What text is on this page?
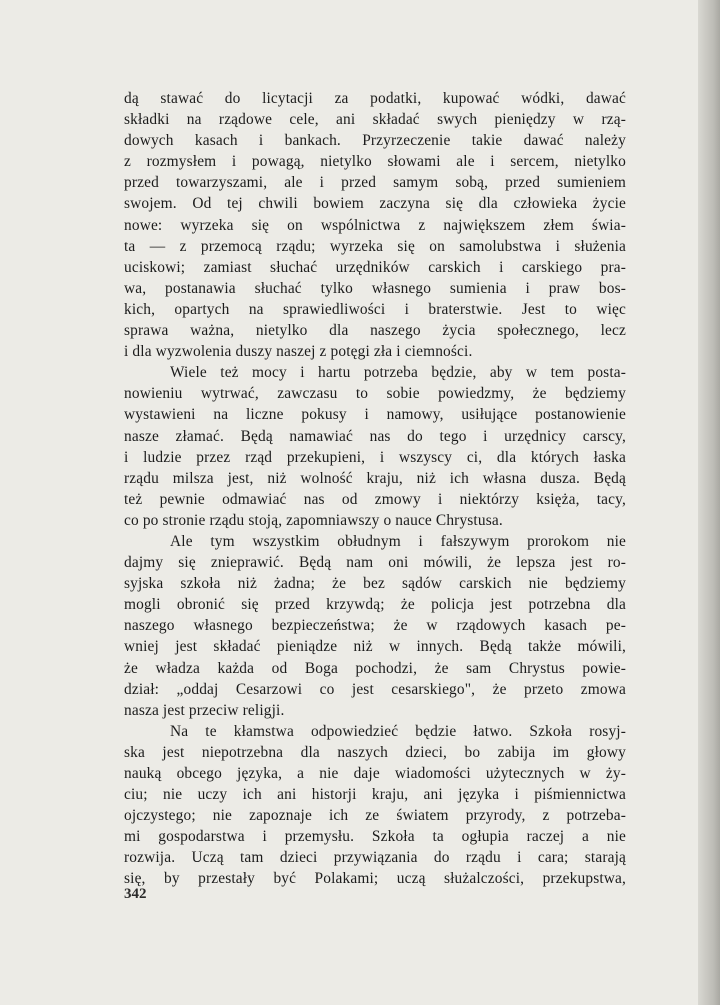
dą stawać do licytacji za podatki, kupować wódki, dawać
składki na rządowe cele, ani składać swych pieniędzy w rzą-
dowych kasach i bankach. Przyrzeczenie takie dawać należy
z rozmysłem i powagą, nietylko słowami ale i sercem, nietylko
przed towarzyszami, ale i przed samym sobą, przed sumieniem
swojem. Od tej chwili bowiem zaczyna się dla człowieka życie
nowe: wyrzeka się on wspólnictwa z największem złem świa-
ta — z przemocą rządu; wyrzeka się on samolubstwa i służenia
uciskowi; zamiast słuchać urzędników carskich i carskiego pra-
wa, postanawia słuchać tylko własnego sumienia i praw bos-
kich, opartych na sprawiedliwości i braterstwie. Jest to więc
sprawa ważna, nietylko dla naszego życia społecznego, lecz
i dla wyzwolenia duszy naszej z potęgi zła i ciemności.
Wiele też mocy i hartu potrzeba będzie, aby w tem posta-
nowieniu wytrwać, zawczasu to sobie powiedzmy, że będziemy
wystawieni na liczne pokusy i namowy, usiłujące postanowienie
nasze złamać. Będą namawiać nas do tego i urzędnicy carscy,
i ludzie przez rząd przekupieni, i wszyscy ci, dla których łaska
rządu milsza jest, niż wolność kraju, niż ich własna dusza. Będą
też pewnie odmawiać nas od zmowy i niektórzy księża, tacy,
co po stronie rządu stoją, zapomniawszy o nauce Chrystusa.
Ale tym wszystkim obłudnym i fałszywym prorokom nie
dajmy się znieprawić. Będą nam oni mówili, że lepsza jest ro-
syjska szkoła niż żadna; że bez sądów carskich nie będziemy
mogli obronić się przed krzywdą; że policja jest potrzebna dla
naszego własnego bezpieczeństwa; że w rządowych kasach pe-
wniej jest składać pieniądze niż w innych. Będą także mówili,
że władza każda od Boga pochodzi, że sam Chrystus powie-
dział: „oddaj Cesarzowi co jest cesarskiego", że przeto zmowa
nasza jest przeciw religji.
Na te kłamstwa odpowiedzieć będzie łatwo. Szkoła rosyj-
ska jest niepotrzebna dla naszych dzieci, bo zabija im głowy
nauką obcego języka, a nie daje wiadomości użytecznych w ży-
ciu; nie uczy ich ani historji kraju, ani języka i piśmiennictwa
ojczystego; nie zapoznaje ich ze światem przyrody, z potrzeba-
mi gospodarstwa i przemysłu. Szkoła ta ogłupia raczej a nie
rozwija. Uczą tam dzieci przywiązania do rządu i cara; starają
się, by przestały być Polakami; uczą służalczości, przekupstwa,
342
